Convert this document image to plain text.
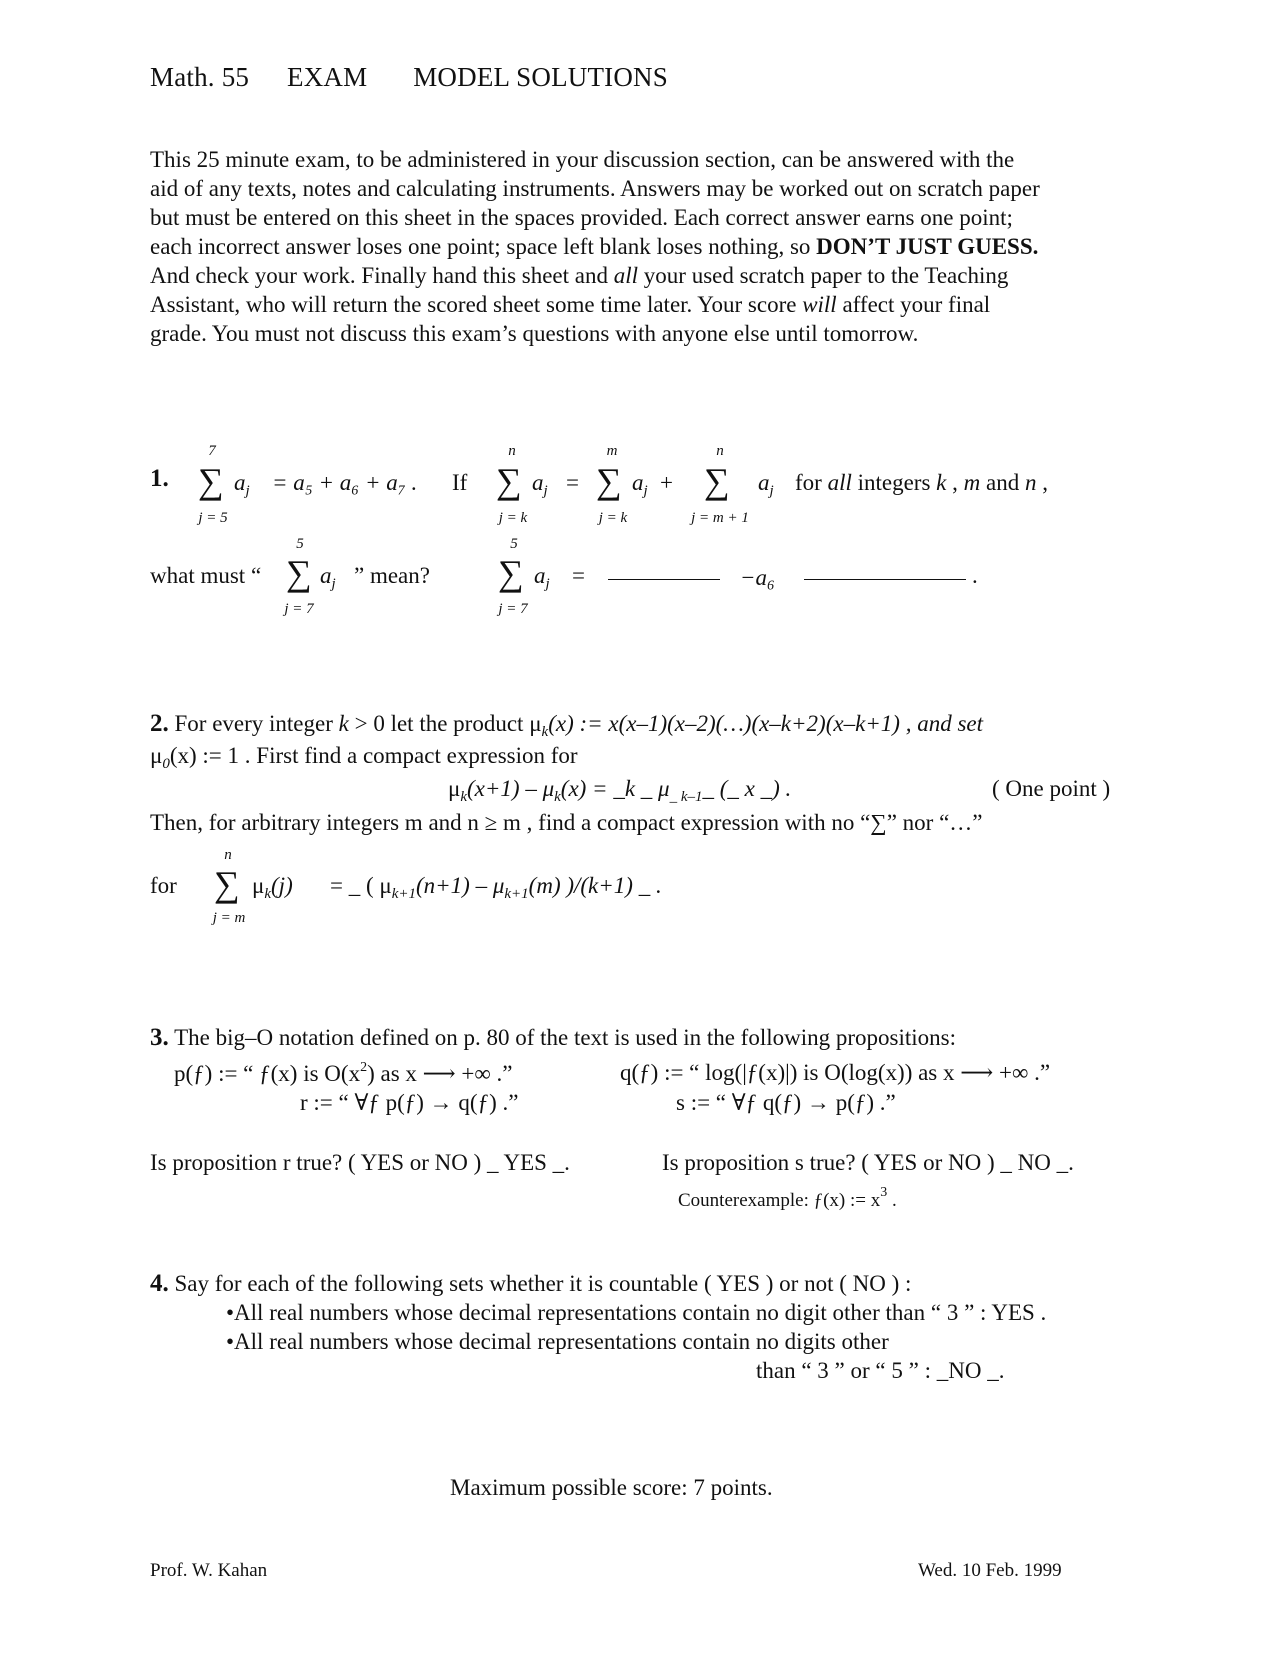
Math. 55 EXAM MODEL SOLUTIONS
This 25 minute exam, to be administered in your discussion section, can be answered with the
aid of any texts, notes and calculating instruments. Answers may be worked out on scratch paper
but must be entered on this sheet in the spaces provided. Each correct answer earns one point;
each incorrect answer loses one point; space left blank loses nothing, so DON’T JUST GUESS.
And check your work. Finally hand this sheet and all your used scratch paper to the Teaching
Assistant, who will return the scored sheet some time later. Your score will affect your final
grade. You must not discuss this exam’s questions with anyone else until tomorrow.
1.
7
∑ $a_j$
j = 5
= a₅ + a₆ + a₇ . If
n
∑ $a_j$
j = k
=
m
∑ $a_j$ +
j = k
n
∑ $a_j$
j = m + 1
for all integers k , m and n ,
what must “
5
∑ $a_j$
j = 7
” mean?
5
∑ $a_j$
j = 7
=	−a₆	.
2. For every integer k > 0 let the product $\mu_k(x)$ := x(x–1)(x–2)(…)(x–k+2)(x–k+1) , and set
$\mu_0(x)$ := 1 . First find a compact expression for
$\mu_k(x+1) - \mu_k(x)$ = _k _ $\mu_{\_ k-1}\_$ (_ x _) .	( One point )
Then, for arbitrary integers m and n ≥ m , find a compact expression with no “∑” nor “…”
for
n
∑ $\mu_k(j)$
j = m
= _ ( $\mu_{k+1}(n+1) - \mu_{k+1}(m)$ )/(k+1) _ .
3. The big–O notation defined on p. 80 of the text is used in the following propositions:
p(ƒ) := “ ƒ(x) is $O(x^2)$ as x ⟶ +∞ .”	q(ƒ) := “ log(|ƒ(x)|) is O(log(x)) as x ⟶ +∞ .”
r := “ ∀ƒ p(ƒ) → q(ƒ) .”	s := “ ∀ƒ q(ƒ) → p(ƒ) .”
Is proposition r true? ( YES or NO ) _ YES _.	Is proposition s true? ( YES or NO ) _ NO _.
Counterexample: ƒ(x) := $x^3$ .
4. Say for each of the following sets whether it is countable ( YES ) or not ( NO ) :
•All real numbers whose decimal representations contain no digit other than “ 3 ” : YES .
•All real numbers whose decimal representations contain no digits other
than “ 3 ” or “ 5 ” : _NO _.
Maximum possible score: 7 points.
Prof. W. Kahan	Wed. 10 Feb. 1999
